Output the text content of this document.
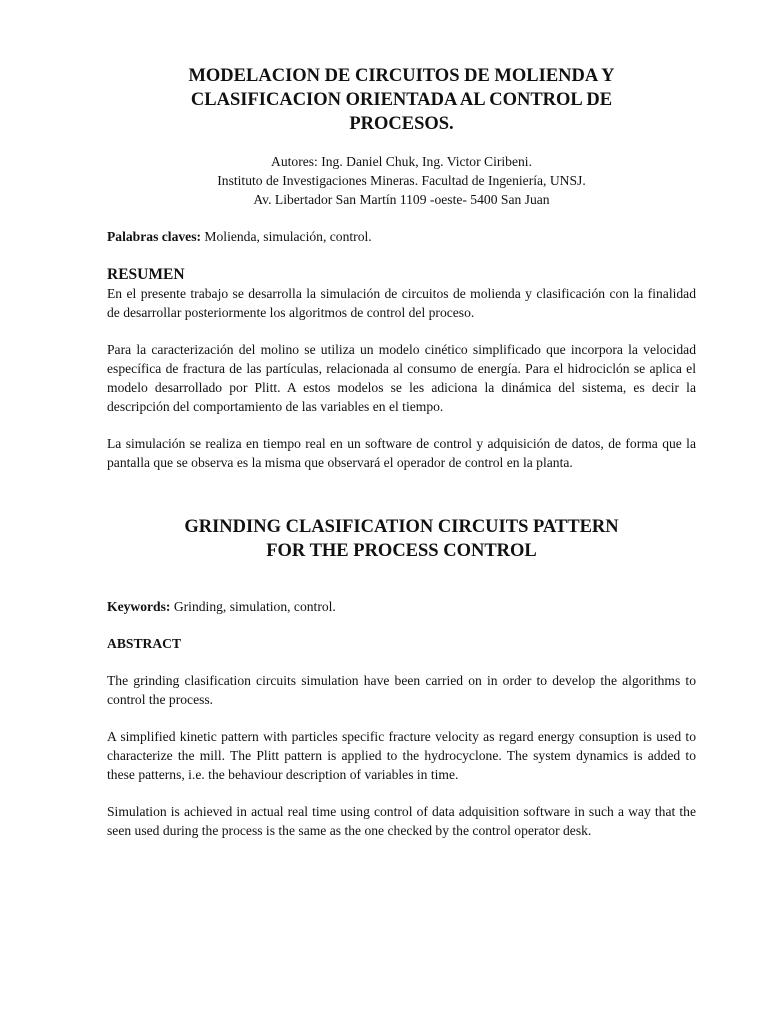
MODELACION DE CIRCUITOS DE MOLIENDA Y
CLASIFICACION ORIENTADA AL CONTROL DE
PROCESOS.
Autores: Ing. Daniel Chuk, Ing. Victor Ciribeni.
Instituto de Investigaciones Mineras. Facultad de Ingeniería, UNSJ.
Av. Libertador San Martín 1109 -oeste- 5400 San Juan
Palabras claves: Molienda, simulación, control.
RESUMEN

En el presente trabajo se desarrolla la simulación de circuitos de molienda y clasificación con la finalidad de desarrollar posteriormente los algoritmos de control del proceso.

Para la caracterización del molino se utiliza un modelo cinético simplificado que incorpora la velocidad específica de fractura de las partículas, relacionada al consumo de energía. Para el hidrociclón se aplica el modelo desarrollado por Plitt. A estos modelos se les adiciona la dinámica del sistema, es decir la descripción del comportamiento de las variables en el tiempo.

La simulación se realiza en tiempo real en un software de control y adquisición de datos, de forma que la pantalla que se observa es la misma que observará el operador de control en la planta.

GRINDING CLASIFICATION CIRCUITS PATTERN
FOR THE PROCESS CONTROL
Keywords: Grinding, simulation, control.
ABSTRACT

The grinding clasification circuits simulation have been carried on in order to develop the algorithms to control the process.

A simplified kinetic pattern with particles specific fracture velocity as regard energy consuption is used to characterize the mill. The Plitt pattern is applied to the hydrocyclone. The system dynamics is added to these patterns, i.e. the behaviour description of variables in time.

Simulation is achieved in actual real time using control of data adquisition software in such a way that the seen used during the process is the same as the one checked by the control operator desk.
